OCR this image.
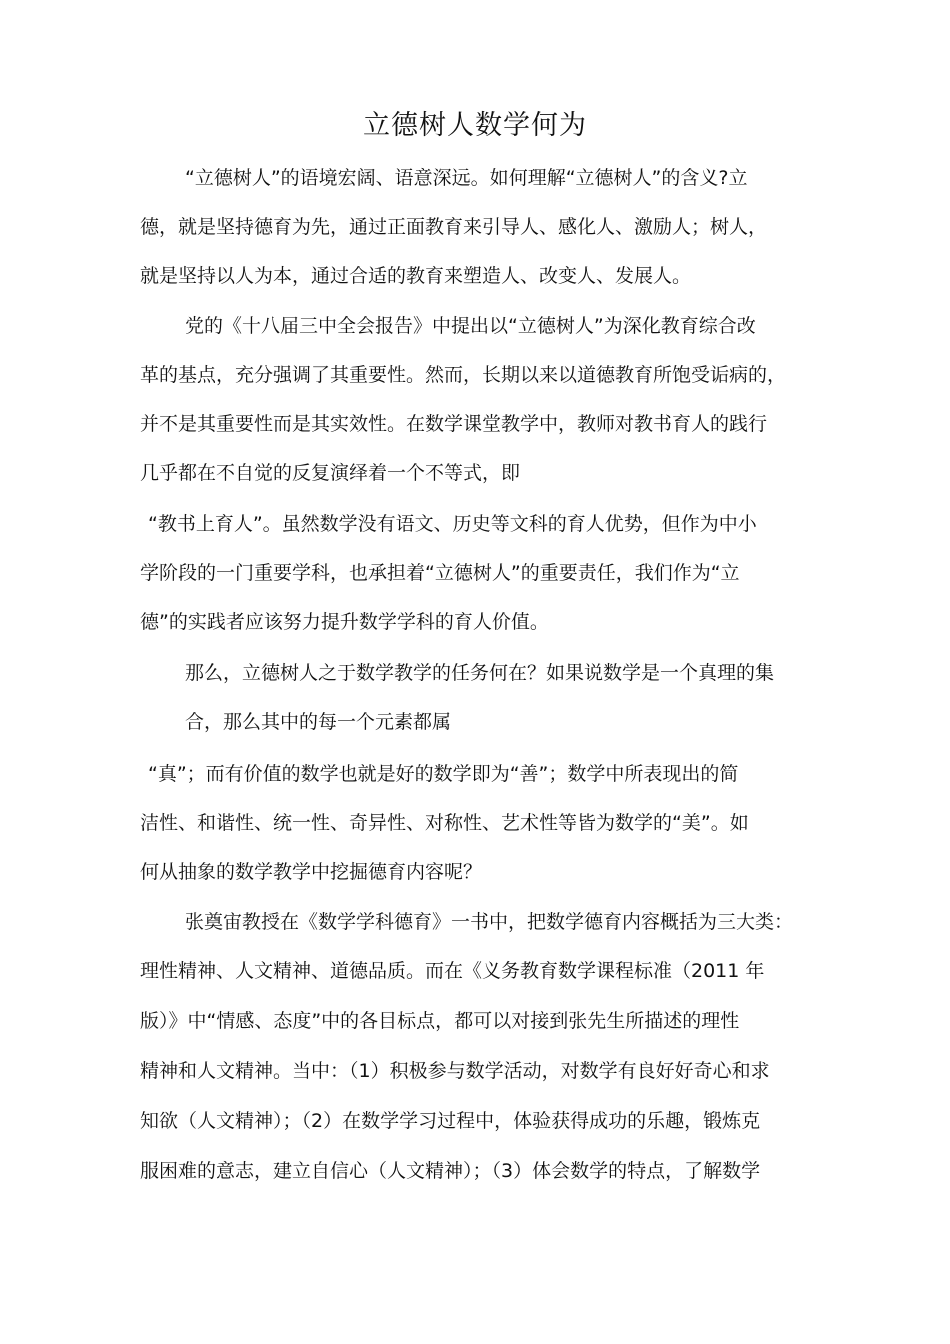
立德树人数学何为
“立德树人”的语境宏阔、语意深远。如何理解“立德树人”的含义?立
德，就是坚持德育为先，通过正面教育来引导人、感化人、激励人；树人，
就是坚持以人为本，通过合适的教育来塑造人、改变人、发展人。
党的《十八届三中全会报告》中提出以“立德树人”为深化教育综合改
革的基点，充分强调了其重要性。然而，长期以来以道德教育所饱受诟病的，
并不是其重要性而是其实效性。在数学课堂教学中，教师对教书育人的践行
几乎都在不自觉的反复演绎着一个不等式，即
“教书上育人”。虽然数学没有语文、历史等文科的育人优势，但作为中小
学阶段的一门重要学科，也承担着“立德树人”的重要责任，我们作为“立
德”的实践者应该努力提升数学学科的育人价值。
那么，立德树人之于数学教学的任务何在？如果说数学是一个真理的集
合，那么其中的每一个元素都属
“真”；而有价值的数学也就是好的数学即为“善”；数学中所表现出的简
洁性、和谐性、统一性、奇异性、对称性、艺术性等皆为数学的“美”。如
何从抽象的数学教学中挖掘德育内容呢？
张奠宙教授在《数学学科德育》一书中，把数学德育内容概括为三大类：
理性精神、人文精神、道德品质。而在《义务教育数学课程标准（2011 年
版）》中“情感、态度”中的各目标点，都可以对接到张先生所描述的理性
精神和人文精神。当中：（1）积极参与数学活动，对数学有良好好奇心和求
知欲（人文精神）；（2）在数学学习过程中，体验获得成功的乐趣，锻炼克
服困难的意志，建立自信心（人文精神）；（3）体会数学的特点，了解数学
